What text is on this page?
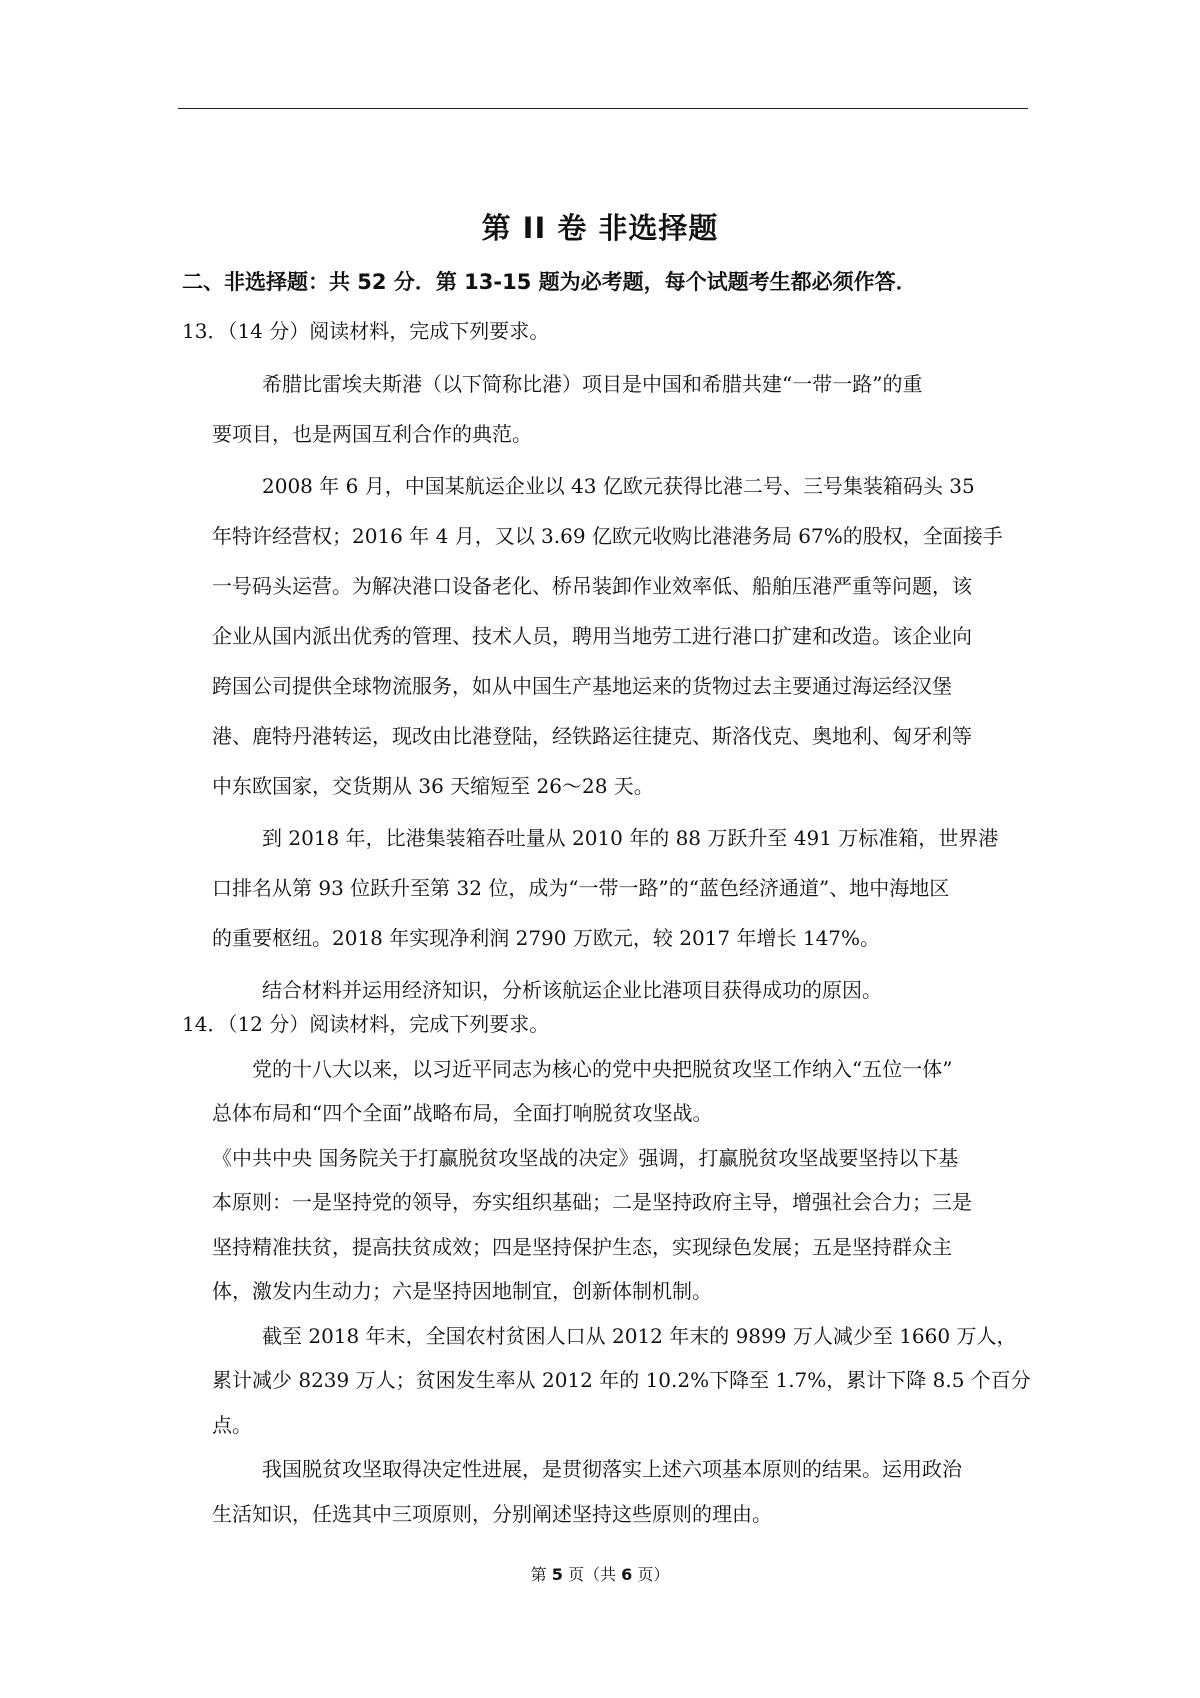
第 II 卷 非选择题
二、非选择题：共 52 分．第 13-15 题为必考题，每个试题考生都必须作答．
13．（14 分）阅读材料，完成下列要求。
希腊比雷埃夫斯港（以下简称比港）项目是中国和希腊共建“一带一路”的重
要项目，也是两国互利合作的典范。
2008 年 6 月，中国某航运企业以 43 亿欧元获得比港二号、三号集装箱码头 35
年特许经营权；2016 年 4 月，又以 3.69 亿欧元收购比港港务局 67%的股权，全面接手
一号码头运营。为解决港口设备老化、桥吊装卸作业效率低、船舶压港严重等问题，该
企业从国内派出优秀的管理、技术人员，聘用当地劳工进行港口扩建和改造。该企业向
跨国公司提供全球物流服务，如从中国生产基地运来的货物过去主要通过海运经汉堡
港、鹿特丹港转运，现改由比港登陆，经铁路运往捷克、斯洛伐克、奥地利、匈牙利等
中东欧国家，交货期从 36 天缩短至 26～28 天。
到 2018 年，比港集装箱吞吐量从 2010 年的 88 万跃升至 491 万标准箱，世界港
口排名从第 93 位跃升至第 32 位，成为“一带一路”的“蓝色经济通道”、地中海地区
的重要枢纽。2018 年实现净利润 2790 万欧元，较 2017 年增长 147%。
结合材料并运用经济知识，分析该航运企业比港项目获得成功的原因。
14．（12 分）阅读材料，完成下列要求。
党的十八大以来，以习近平同志为核心的党中央把脱贫攻坚工作纳入“五位一体”
总体布局和“四个全面”战略布局，全面打响脱贫攻坚战。
《中共中央 国务院关于打赢脱贫攻坚战的决定》强调，打赢脱贫攻坚战要坚持以下基
本原则：一是坚持党的领导，夯实组织基础；二是坚持政府主导，增强社会合力；三是
坚持精准扶贫，提高扶贫成效；四是坚持保护生态，实现绿色发展；五是坚持群众主
体，激发内生动力；六是坚持因地制宜，创新体制机制。
截至 2018 年末，全国农村贫困人口从 2012 年末的 9899 万人减少至 1660 万人，
累计减少 8239 万人；贫困发生率从 2012 年的 10.2%下降至 1.7%，累计下降 8.5 个百分
点。
我国脱贫攻坚取得决定性进展，是贯彻落实上述六项基本原则的结果。运用政治
生活知识，任选其中三项原则，分别阐述坚持这些原则的理由。
第 5 页（共 6 页）
